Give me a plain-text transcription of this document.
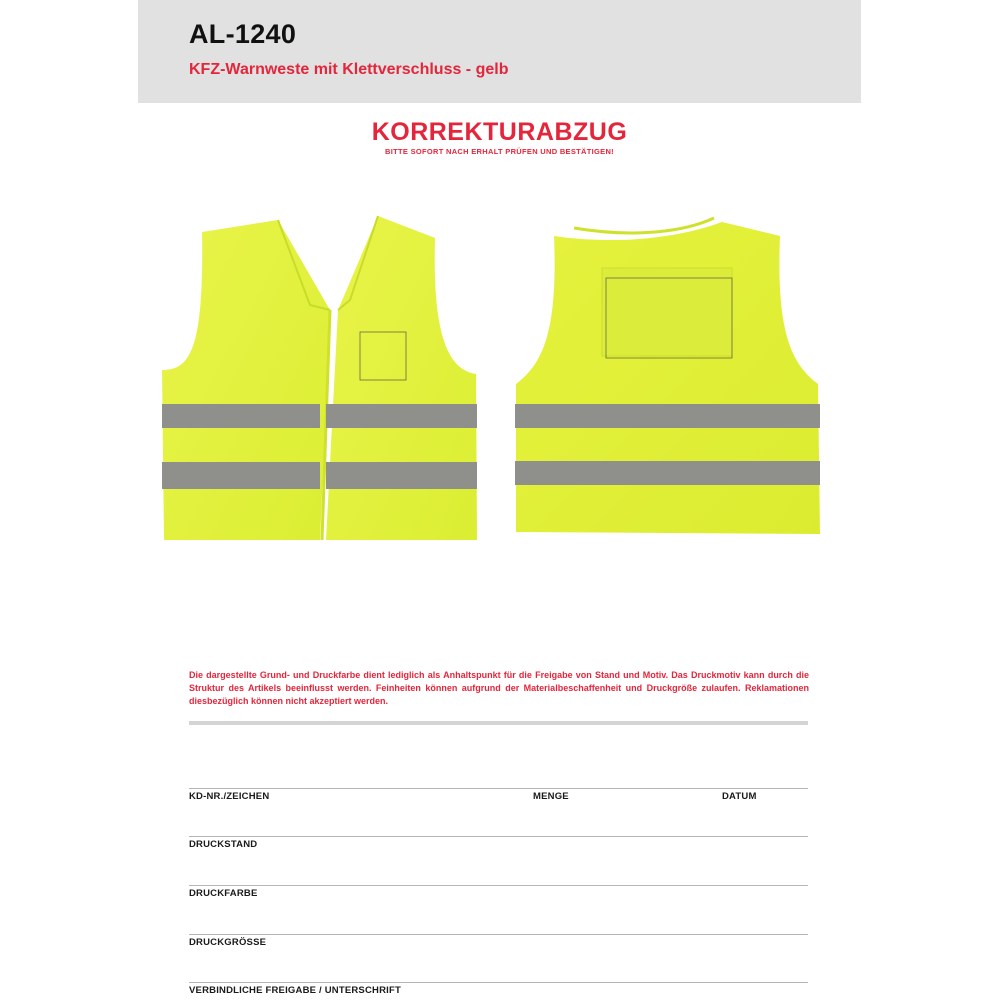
AL-1240
KFZ-Warnweste mit Klettverschluss - gelb
KORREKTURABZUG
BITTE SOFORT NACH ERHALT PRÜFEN UND BESTÄTIGEN!
Die dargestellte Grund- und Druckfarbe dient lediglich als Anhaltspunkt für die Freigabe von Stand und Motiv. Das Druckmotiv kann durch die Struktur des Artikels beeinflusst werden. Feinheiten können aufgrund der Materialbeschaffenheit und Druckgröße zulaufen. Reklamationen diesbezüglich können nicht akzeptiert werden.
KD-NR./ZEICHEN	MENGE	DATUM
DRUCKSTAND
DRUCKFARBE
DRUCKGRÖSSE
VERBINDLICHE FREIGABE / UNTERSCHRIFT
